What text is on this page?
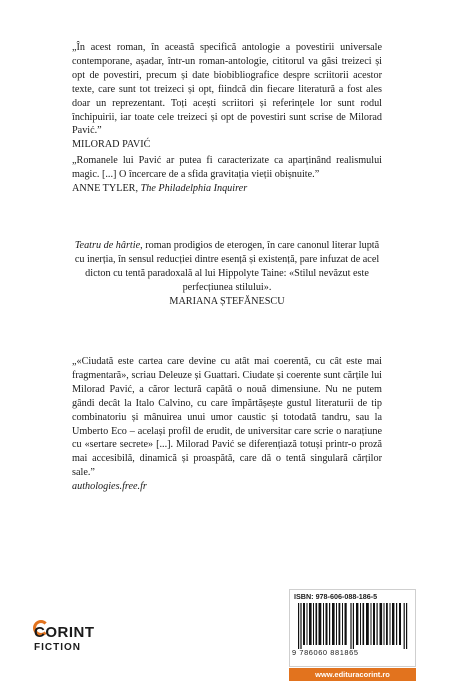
„În acest roman, în această specifică antologie a povestirii universale contemporane, așadar, într-un roman-antologie, cititorul va găsi treizeci și opt de povestiri, precum și date biobibliografice despre scriitorii acestor texte, care sunt tot treizeci și opt, fiindcă din fiecare literatură a fost ales doar un reprezentant. Toți acești scriitori și referințele lor sunt rodul închipuirii, iar toate cele treizeci și opt de povestiri sunt scrise de Milorad Pavić.”

MILORAD PAVIĆ

„Romanele lui Pavić ar putea fi caracterizate ca aparținând realismului magic. [...] O încercare de a sfida gravitația vieții obișnuite.”

ANNE TYLER, The Philadelphia Inquirer

Teatru de hârtie, roman prodigios de eterogen, în care canonul literar luptă cu inerția, în sensul reducției dintre esență și existență, pare infuzat de acel dicton cu tentă paradoxală al lui Hippolyte Taine: «Stilul nevăzut este perfecțiunea stilului».

MARIANA ȘTEFĂNESCU

„«Ciudată este cartea care devine cu atât mai coerentă, cu cât este mai fragmentară», scriau Deleuze și Guattari. Ciudate și coerente sunt cărțile lui Milorad Pavić, a căror lectură capătă o nouă dimensiune. Nu ne putem gândi decât la Italo Calvino, cu care împărtășește gustul literaturii de tip combinatoriu și mânuirea unui umor caustic și totodată tandru, sau la Umberto Eco – același profil de erudit, de universitar care scrie o narațiune cu «sertare secrete» [...]. Milorad Pavić se diferențiază totuși printr-o proză mai accesibilă, dinamică și proaspătă, care dă o tentă singulară cărților sale.”

authologies.free.fr

CORINT
FICTION
ISBN: 978-606-088-186-5
9 786060 881865
www.edituracorint.ro
